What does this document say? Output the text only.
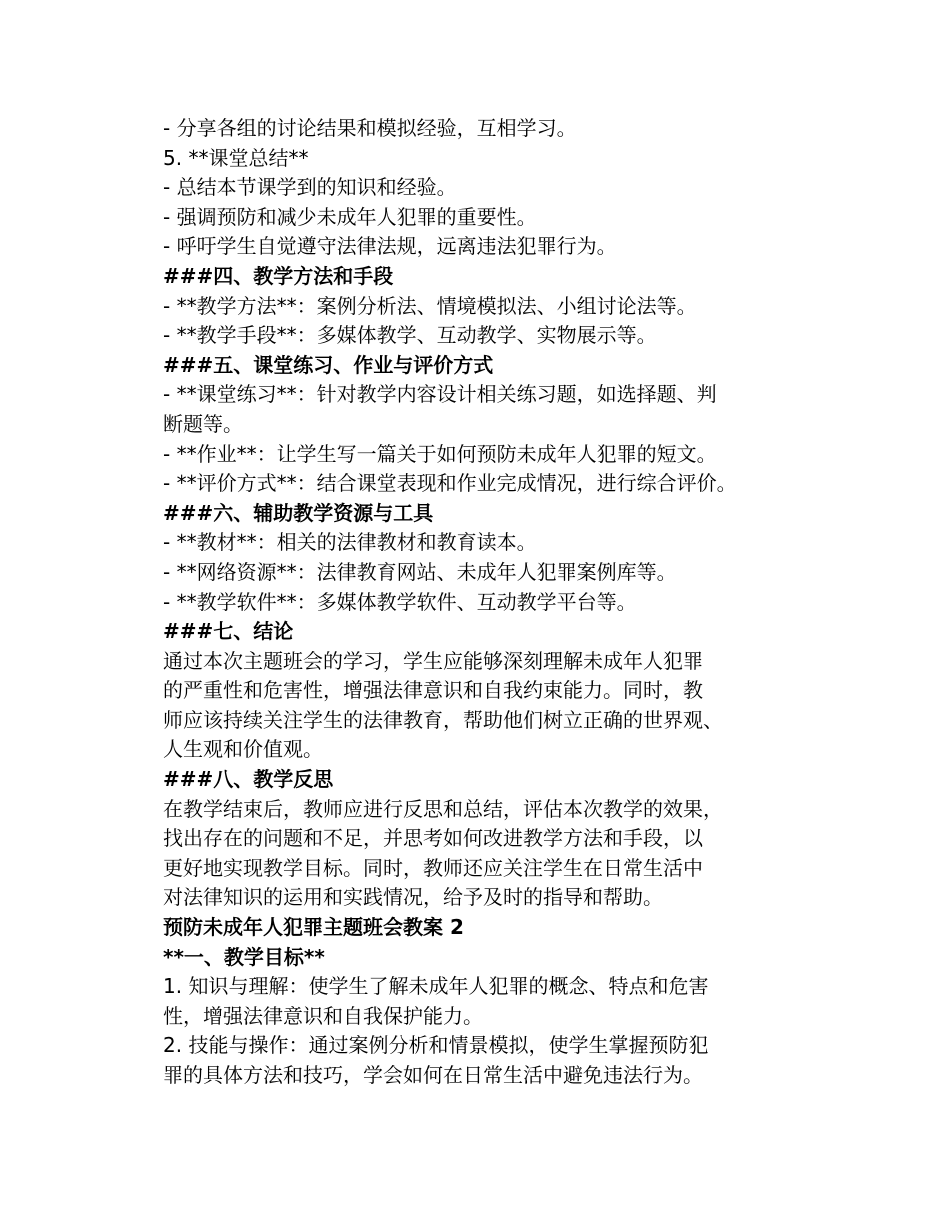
- 分享各组的讨论结果和模拟经验，互相学习。

5. **课堂总结**

- 总结本节课学到的知识和经验。

- 强调预防和减少未成年人犯罪的重要性。

- 呼吁学生自觉遵守法律法规，远离违法犯罪行为。

###四、教学方法和手段

- **教学方法**：案例分析法、情境模拟法、小组讨论法等。

- **教学手段**：多媒体教学、互动教学、实物展示等。

###五、课堂练习、作业与评价方式

- **课堂练习**：针对教学内容设计相关练习题，如选择题、判

断题等。

- **作业**：让学生写一篇关于如何预防未成年人犯罪的短文。

- **评价方式**：结合课堂表现和作业完成情况，进行综合评价。

###六、辅助教学资源与工具

- **教材**：相关的法律教材和教育读本。

- **网络资源**：法律教育网站、未成年人犯罪案例库等。

- **教学软件**：多媒体教学软件、互动教学平台等。

###七、结论

通过本次主题班会的学习，学生应能够深刻理解未成年人犯罪

的严重性和危害性，增强法律意识和自我约束能力。同时，教

师应该持续关注学生的法律教育，帮助他们树立正确的世界观、

人生观和价值观。

###八、教学反思

在教学结束后，教师应进行反思和总结，评估本次教学的效果，

找出存在的问题和不足，并思考如何改进教学方法和手段，以

更好地实现教学目标。同时，教师还应关注学生在日常生活中

对法律知识的运用和实践情况，给予及时的指导和帮助。

预防未成年人犯罪主题班会教案 2

**一、教学目标**

1. 知识与理解：使学生了解未成年人犯罪的概念、特点和危害

性，增强法律意识和自我保护能力。

2. 技能与操作：通过案例分析和情景模拟，使学生掌握预防犯

罪的具体方法和技巧，学会如何在日常生活中避免违法行为。
